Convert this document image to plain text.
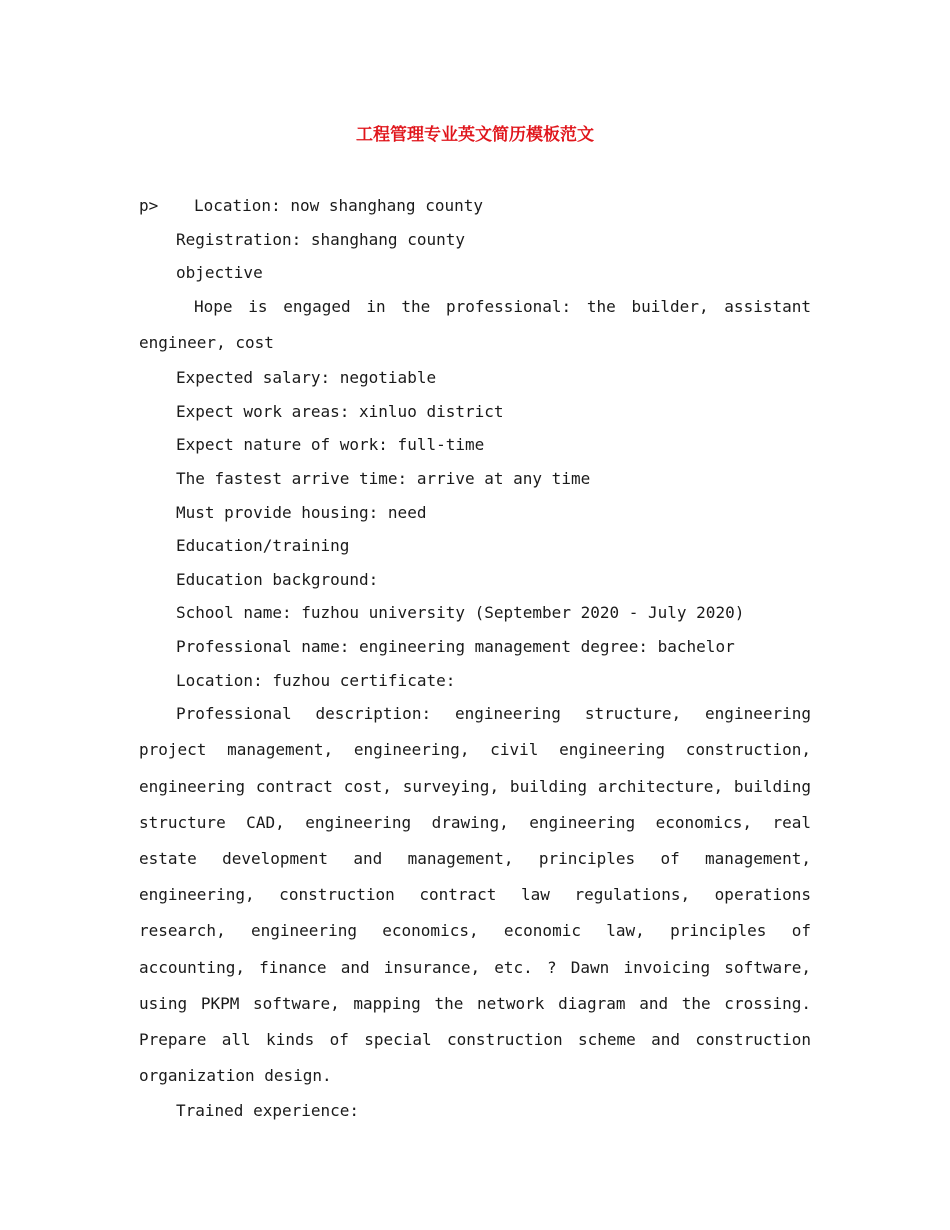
工程管理专业英文简历模板范文
p>	Location: now shanghang county

Registration: shanghang county

objective

Hope is engaged in the professional: the builder, assistant engineer, cost

Expected salary: negotiable

Expect work areas: xinluo district

Expect nature of work: full-time

The fastest arrive time: arrive at any time

Must provide housing: need

Education/training

Education background:

School name: fuzhou university (September 2020 - July 2020)

Professional name: engineering management degree: bachelor

Location: fuzhou certificate:

Professional description: engineering structure, engineering project management, engineering, civil engineering construction, engineering contract cost, surveying, building architecture, building structure CAD, engineering drawing, engineering economics, real estate development and management, principles of management, engineering, construction contract law regulations, operations research, engineering economics, economic law, principles of accounting, finance and insurance, etc. ? Dawn invoicing software, using PKPM software, mapping the network diagram and the crossing. Prepare all kinds of special construction scheme and construction organization design.

Trained experience:
